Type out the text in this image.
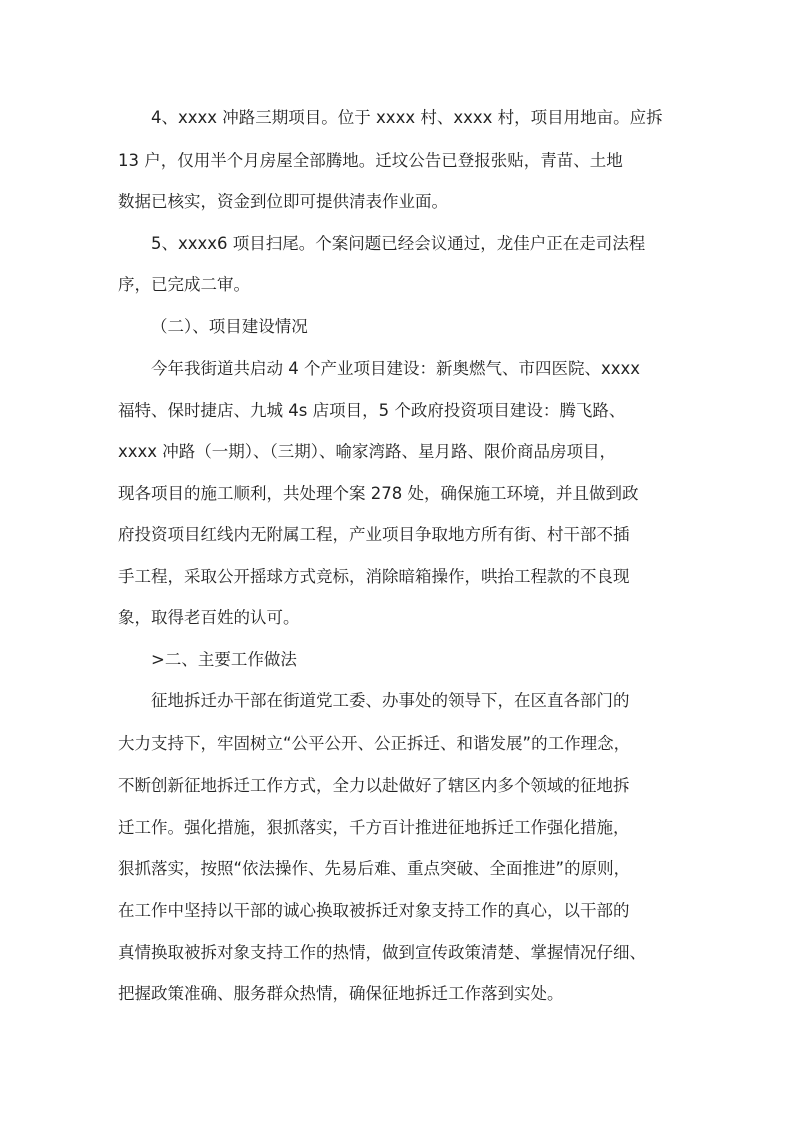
4、xxxx 冲路三期项目。位于 xxxx 村、xxxx 村，项目用地亩。应拆
13 户，仅用半个月房屋全部腾地。迁坟公告已登报张贴，青苗、土地
数据已核实，资金到位即可提供清表作业面。
5、xxxx6 项目扫尾。个案问题已经会议通过，龙佳户正在走司法程
序，已完成二审。
（二）、项目建设情况
今年我街道共启动 4 个产业项目建设：新奥燃气、市四医院、xxxx
福特、保时捷店、九城 4s 店项目，5 个政府投资项目建设：腾飞路、
xxxx 冲路（一期）、（三期）、喻家湾路、星月路、限价商品房项目，
现各项目的施工顺利，共处理个案 278 处，确保施工环境，并且做到政
府投资项目红线内无附属工程，产业项目争取地方所有街、村干部不插
手工程，采取公开摇球方式竞标，消除暗箱操作，哄抬工程款的不良现
象，取得老百姓的认可。
>二、主要工作做法
征地拆迁办干部在街道党工委、办事处的领导下，在区直各部门的
大力支持下，牢固树立“公平公开、公正拆迁、和谐发展”的工作理念，
不断创新征地拆迁工作方式，全力以赴做好了辖区内多个领域的征地拆
迁工作。强化措施，狠抓落实，千方百计推进征地拆迁工作强化措施，
狠抓落实，按照“依法操作、先易后难、重点突破、全面推进”的原则，
在工作中坚持以干部的诚心换取被拆迁对象支持工作的真心，以干部的
真情换取被拆对象支持工作的热情，做到宣传政策清楚、掌握情况仔细、
把握政策准确、服务群众热情，确保征地拆迁工作落到实处。
